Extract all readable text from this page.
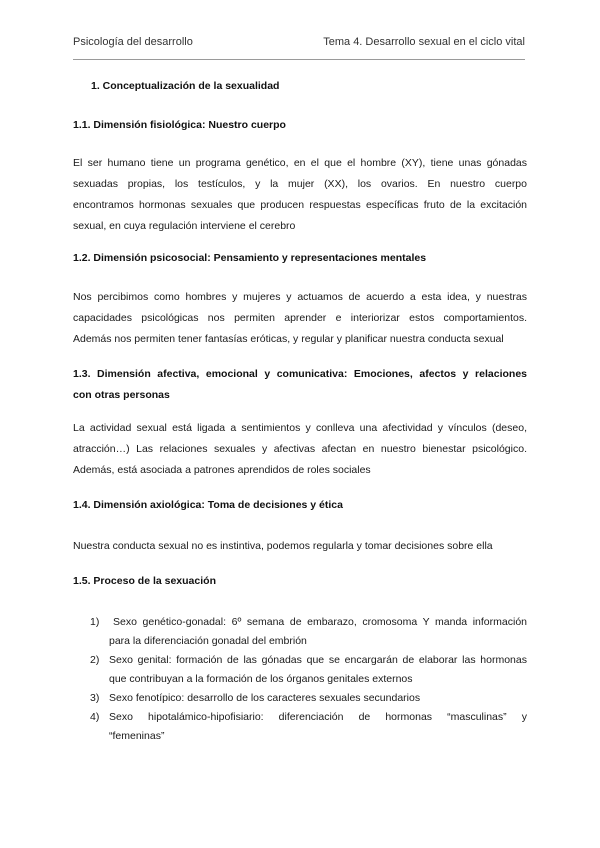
Psicología del desarrollo	Tema 4. Desarrollo sexual en el ciclo vital
1. Conceptualización de la sexualidad
1.1. Dimensión fisiológica: Nuestro cuerpo
El ser humano tiene un programa genético, en el que el hombre (XY), tiene unas gónadas
sexuadas propias, los testículos, y la mujer (XX), los ovarios. En nuestro cuerpo
encontramos hormonas sexuales que producen respuestas específicas fruto de la excitación
sexual, en cuya regulación interviene el cerebro
1.2. Dimensión psicosocial: Pensamiento y representaciones mentales
Nos percibimos como hombres y mujeres y actuamos de acuerdo a esta idea, y nuestras
capacidades psicológicas nos permiten aprender e interiorizar estos comportamientos.
Además nos permiten tener fantasías eróticas, y regular y planificar nuestra conducta sexual
1.3. Dimensión afectiva, emocional y comunicativa: Emociones, afectos y relaciones
con otras personas
La actividad sexual está ligada a sentimientos y conlleva una afectividad y vínculos (deseo,
atracción…) Las relaciones sexuales y afectivas afectan en nuestro bienestar psicológico.
Además, está asociada a patrones aprendidos de roles sociales
1.4. Dimensión axiológica: Toma de decisiones y ética
Nuestra conducta sexual no es instintiva, podemos regularla y tomar decisiones sobre ella
1.5. Proceso de la sexuación
1)	Sexo genético-gonadal: 6º semana de embarazo, cromosoma Y manda información
para la diferenciación gonadal del embrión
2) Sexo genital: formación de las gónadas que se encargarán de elaborar las hormonas
que contribuyan a la formación de los órganos genitales externos
3) Sexo fenotípico: desarrollo de los caracteres sexuales secundarios
4) Sexo hipotalámico-hipofisiario: diferenciación de hormonas “masculinas” y
“femeninas”
